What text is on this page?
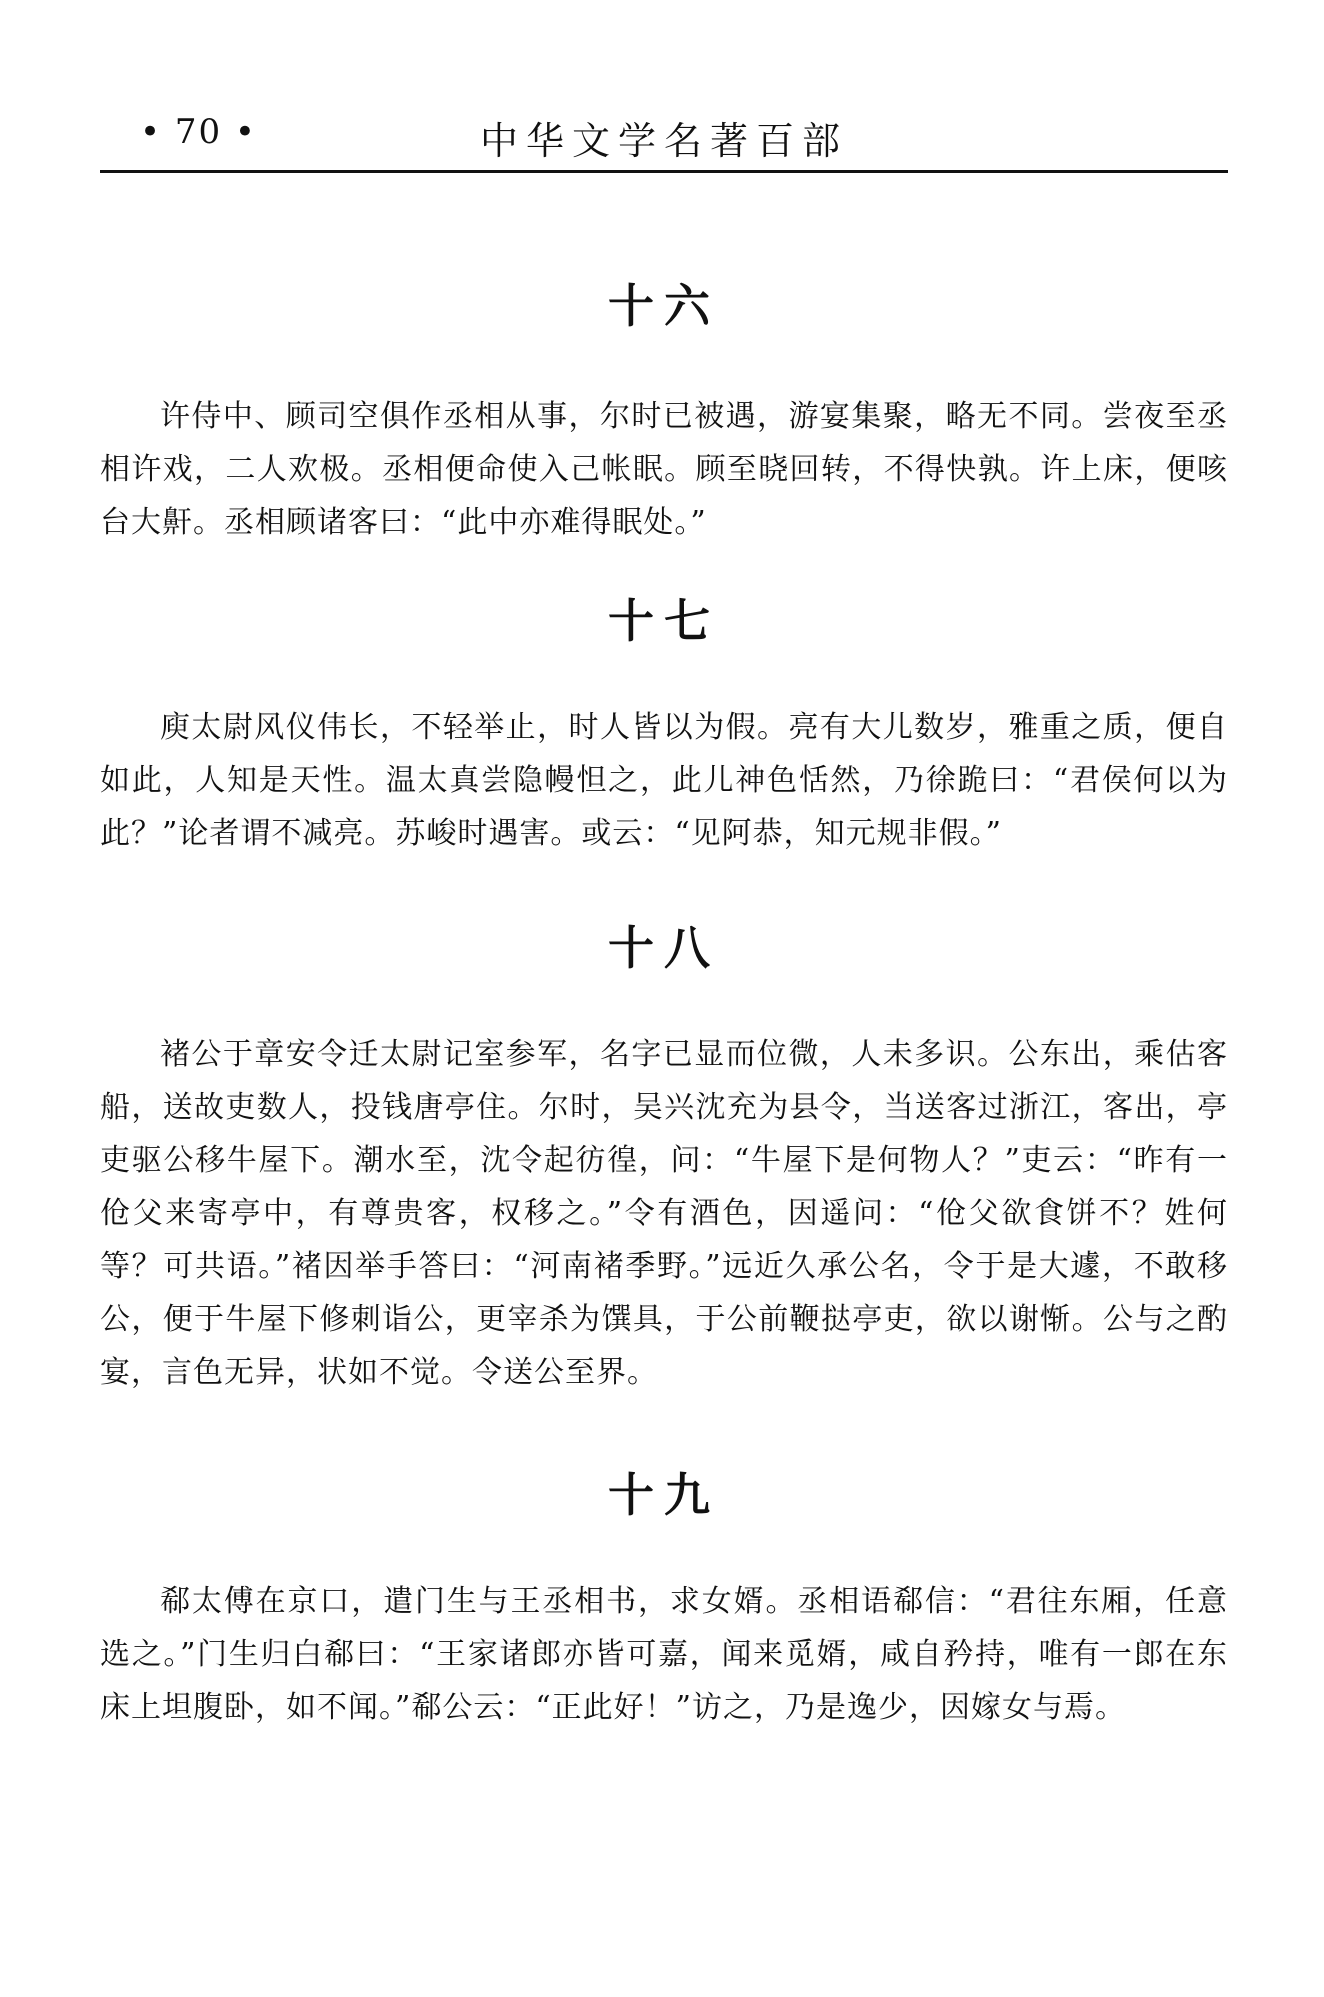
• 70 •	中华文学名著百部
十六

许侍中、顾司空俱作丞相从事，尔时已被遇，游宴集聚，略无不同。尝夜至丞相许戏，二人欢极。丞相便命使入己帐眠。顾至晓回转，不得快孰。许上床，便咳台大鼾。丞相顾诸客曰：“此中亦难得眠处。”

十七

庾太尉风仪伟长，不轻举止，时人皆以为假。亮有大儿数岁，雅重之质，便自如此，人知是天性。温太真尝隐幔怛之，此儿神色恬然，乃徐跪曰：“君侯何以为此？”论者谓不减亮。苏峻时遇害。或云：“见阿恭，知元规非假。”

十八

褚公于章安令迁太尉记室参军，名字已显而位微，人未多识。公东出，乘估客船，送故吏数人，投钱唐亭住。尔时，吴兴沈充为县令，当送客过浙江，客出，亭吏驱公移牛屋下。潮水至，沈令起彷徨，问：“牛屋下是何物人？”吏云：“昨有一伧父来寄亭中，有尊贵客，权移之。”令有酒色，因遥问：“伧父欲食饼不？姓何等？可共语。”褚因举手答曰：“河南褚季野。”远近久承公名，令于是大遽，不敢移公，便于牛屋下修刺诣公，更宰杀为馔具，于公前鞭挞亭吏，欲以谢惭。公与之酌宴，言色无异，状如不觉。令送公至界。

十九

郗太傅在京口，遣门生与王丞相书，求女婿。丞相语郗信：“君往东厢，任意选之。”门生归白郗曰：“王家诸郎亦皆可嘉，闻来觅婿，咸自矜持，唯有一郎在东床上坦腹卧，如不闻。”郗公云：“正此好！”访之，乃是逸少，因嫁女与焉。
